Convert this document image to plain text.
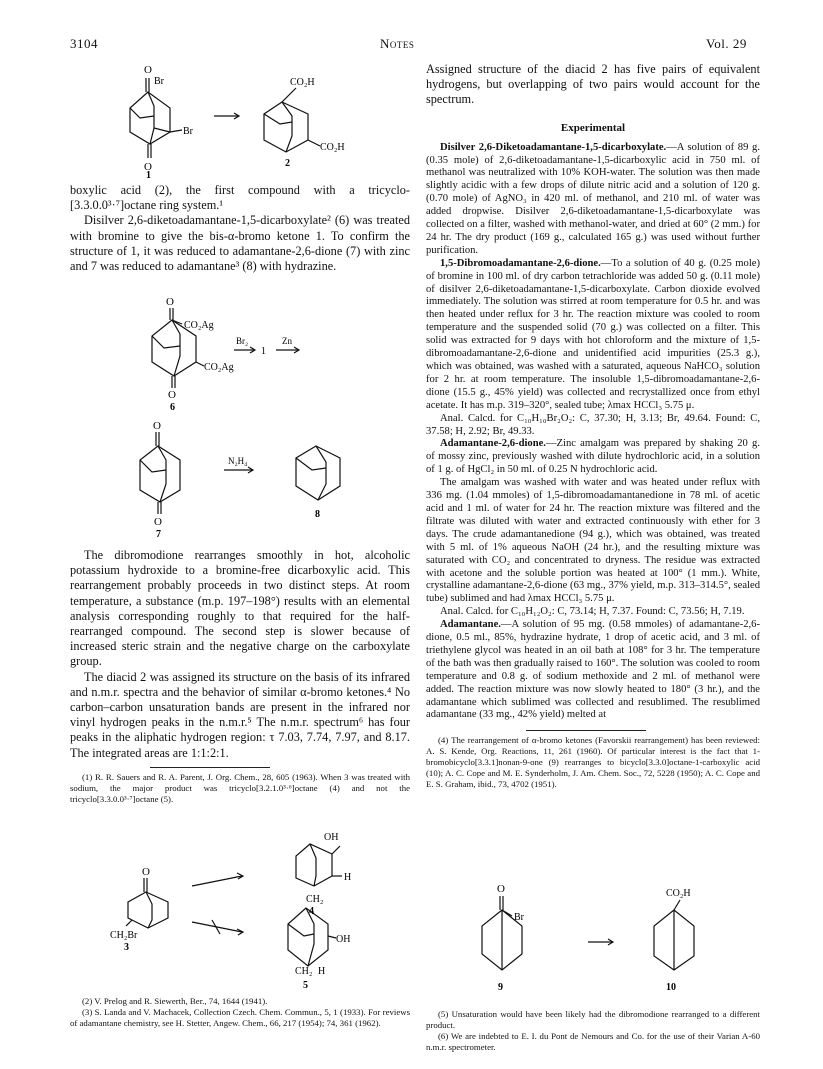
3104	Notes	Vol. 29
O
Br
Br
O
1
CO₂H
CO₂H
2

boxylic acid (2), the first compound with a tricyclo-[3.3.0.0³·⁷]octane ring system.¹

Disilver 2,6-diketoadamantane-1,5-dicarboxylate² (6) was treated with bromine to give the bis-α-bromo ketone 1. To confirm the structure of 1, it was reduced to adamantane-2,6-dione (7) with zinc and 7 was reduced to adamantane³ (8) with hydrazine.

O
CO₂Ag
CO₂Ag
O
6
Br₂
1
Zn
O
N₂H₄
O
7
8

The dibromodione rearranges smoothly in hot, alcoholic potassium hydroxide to a bromine-free dicarboxylic acid. This rearrangement probably proceeds in two distinct steps. At room temperature, a substance (m.p. 197–198°) results with an elemental analysis corresponding roughly to that required for the half-rearranged compound. The second step is slower because of increased steric strain and the negative charge on the carboxylate group.

The diacid 2 was assigned its structure on the basis of its infrared and n.m.r. spectra and the behavior of similar α-bromo ketones.⁴ No carbon–carbon unsaturation bands are present in the infrared nor vinyl hydrogen peaks in the n.m.r.⁵ The n.m.r. spectrum⁶ has four peaks in the aliphatic hydrogen region: τ 7.03, 7.74, 7.97, and 8.17. The integrated areas are 1:1:2:1.

(1) R. R. Sauers and R. A. Parent, J. Org. Chem., 28, 605 (1963). When 3 was treated with sodium, the major product was tricyclo[3.2.1.0³·⁶]octane (4) and not the tricyclo[3.3.0.0³·⁷]octane (5).

OH
H
CH₂
4
O
CH₂Br
3
OH
CH₂ H
5

(2) V. Prelog and R. Siewerth, Ber., 74, 1644 (1941).

(3) S. Landa and V. Machacek, Collection Czech. Chem. Commun., 5, 1 (1933). For reviews of adamantane chemistry, see H. Stetter, Angew. Chem., 66, 217 (1954); 74, 361 (1962).

Assigned structure of the diacid 2 has five pairs of equivalent hydrogens, but overlapping of two pairs would account for the spectrum.

Experimental

Disilver 2,6-Diketoadamantane-1,5-dicarboxylate.—A solution of 89 g. (0.35 mole) of 2,6-diketoadamantane-1,5-dicarboxylic acid in 750 ml. of methanol was neutralized with 10% KOH-water. The solution was then made slightly acidic with a few drops of dilute nitric acid and a solution of 120 g. (0.70 mole) of AgNO₃ in 420 ml. of methanol, and 210 ml. of water was added dropwise. Disilver 2,6-diketoadamantane-1,5-dicarboxylate was collected on a filter, washed with methanol-water, and dried at 60° (2 mm.) for 24 hr. The dry product (169 g., calculated 165 g.) was used without further purification.

1,5-Dibromoadamantane-2,6-dione.—To a solution of 40 g. (0.25 mole) of bromine in 100 ml. of dry carbon tetrachloride was added 50 g. (0.11 mole) of disilver 2,6-diketoadamantane-1,5-dicarboxylate. Carbon dioxide evolved immediately. The solution was stirred at room temperature for 0.5 hr. and was then heated under reflux for 3 hr. The reaction mixture was cooled to room temperature and the suspended solid (70 g.) was collected on a filter. This solid was extracted for 9 days with hot chloroform and the mixture of 1,5-dibromoadamantane-2,6-dione and unidentified acid impurities (25.3 g.), which was obtained, was washed with a saturated, aqueous NaHCO₃ solution for 2 hr. at room temperature. The insoluble 1,5-dibromoadamantane-2,6-dione (15.5 g., 45% yield) was collected and recrystallized once from ethyl acetate. It has m.p. 319–320°, sealed tube; λmax HCCl₃ 5.75 μ.

Anal. Calcd. for C₁₀H₁₀Br₂O₂: C, 37.30; H, 3.13; Br, 49.64. Found: C, 37.58; H, 2.92; Br, 49.33.

Adamantane-2,6-dione.—Zinc amalgam was prepared by shaking 20 g. of mossy zinc, previously washed with dilute hydrochloric acid, in a solution of 1 g. of HgCl₂ in 50 ml. of 0.25 N hydrochloric acid.

The amalgam was washed with water and was heated under reflux with 336 mg. (1.04 mmoles) of 1,5-dibromoadamantanedione in 78 ml. of acetic acid and 1 ml. of water for 24 hr. The reaction mixture was filtered and the filtrate was diluted with water and extracted continuously with ether for 3 days. The crude adamantanedione (94 g.), which was obtained, was treated with 5 ml. of 1% aqueous NaOH (24 hr.), and the resulting mixture was saturated with CO₂ and concentrated to dryness. The residue was extracted with acetone and the soluble portion was heated at 100° (1 mm.). White, crystalline adamantane-2,6-dione (63 mg., 37% yield, m.p. 313–314.5°, sealed tube) sublimed and had λmax HCCl₃ 5.75 μ.

Anal. Calcd. for C₁₀H₁₂O₂: C, 73.14; H, 7.37. Found: C, 73.56; H, 7.19.

Adamantane.—A solution of 95 mg. (0.58 mmoles) of adamantane-2,6-dione, 0.5 ml., 85%, hydrazine hydrate, 1 drop of acetic acid, and 3 ml. of triethylene glycol was heated in an oil bath at 108° for 3 hr. The temperature of the bath was then gradually raised to 160°. The solution was cooled to room temperature and 0.8 g. of sodium methoxide and 2 ml. of methanol were added. The reaction mixture was now slowly heated to 180° (3 hr.), and the adamantane which sublimed was collected and resublimed. The resublimed adamantane (33 mg., 42% yield) melted at

(4) The rearrangement of α-bromo ketones (Favorskii rearrangement) has been reviewed: A. S. Kende, Org. Reactions, 11, 261 (1960). Of particular interest is the fact that 1-bromobicyclo[3.3.1]nonan-9-one (9) rearranges to bicyclo[3.3.0]octane-1-carboxylic acid (10); A. C. Cope and M. E. Synderholm, J. Am. Chem. Soc., 72, 5228 (1950); A. C. Cope and E. S. Graham, ibid., 73, 4702 (1951).

O
Br
9
CO₂H
10

(5) Unsaturation would have been likely had the dibromodione rearranged to a different product.

(6) We are indebted to E. I. du Pont de Nemours and Co. for the use of their Varian A-60 n.m.r. spectrometer.
